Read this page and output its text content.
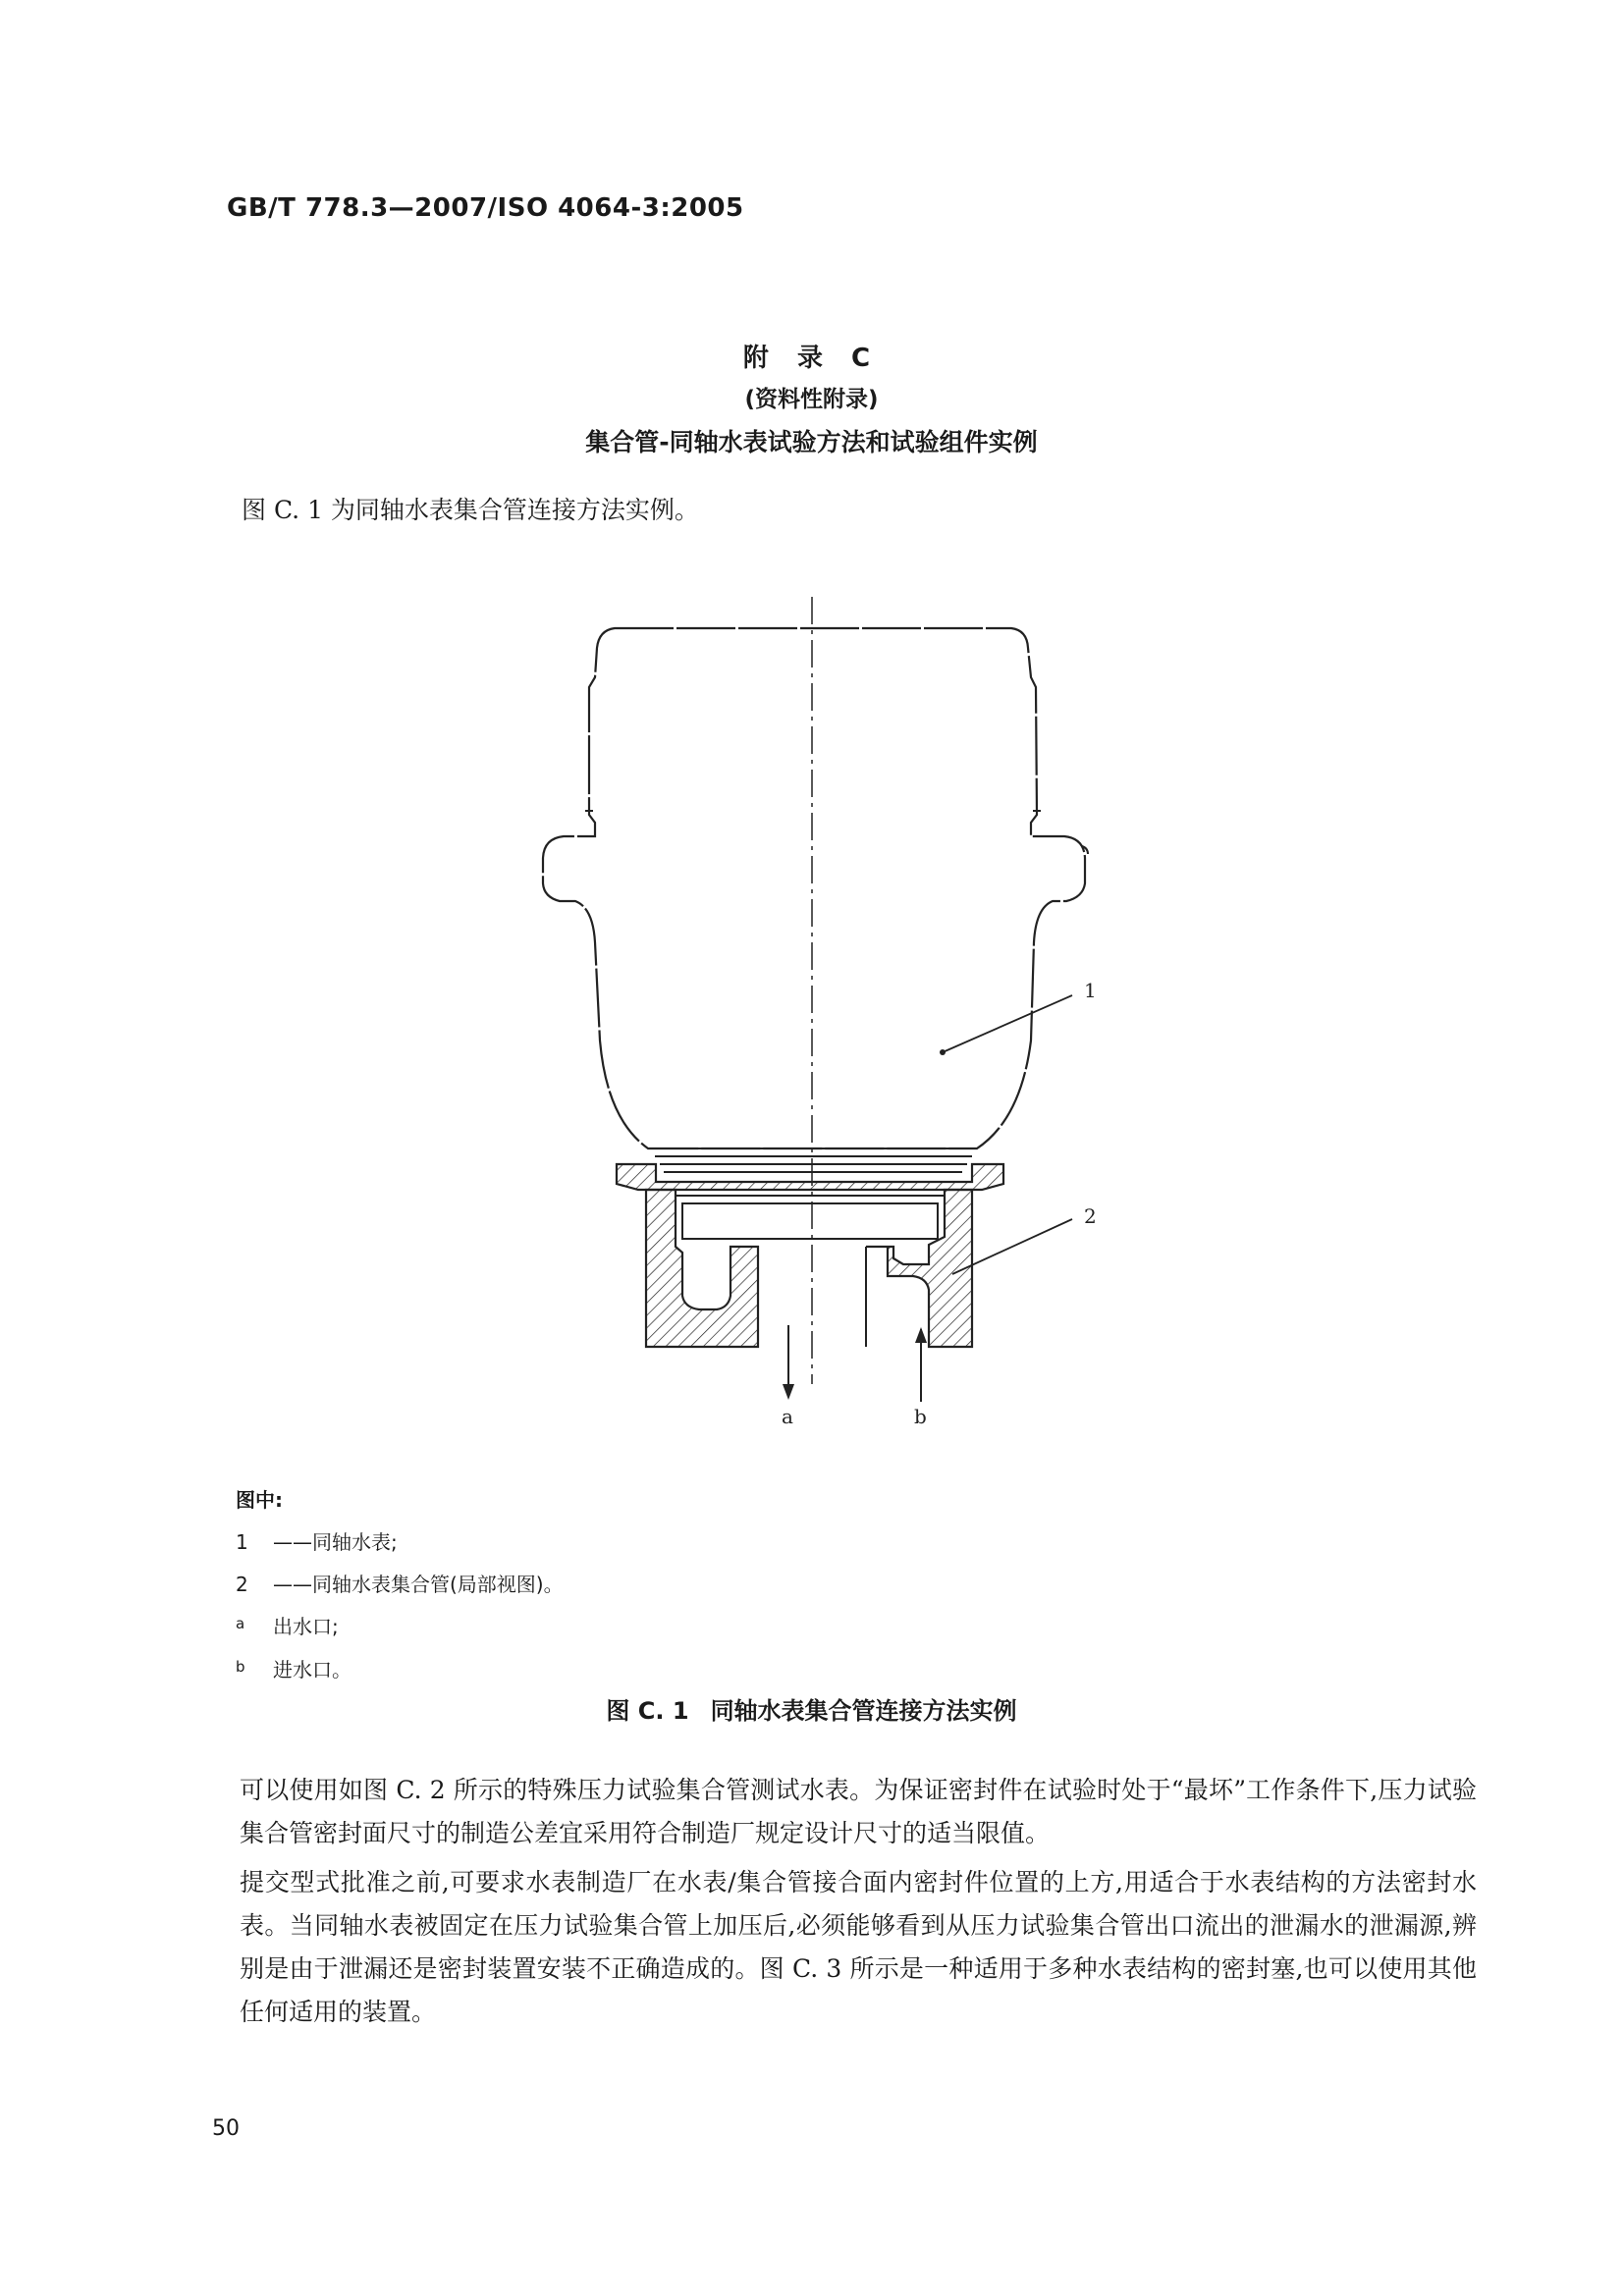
GB/T 778.3—2007/ISO 4064-3:2005
附 录 C
(资料性附录)
集合管-同轴水表试验方法和试验组件实例
图 C. 1 为同轴水表集合管连接方法实例。
1
2
a	b
图中:
1 ——同轴水表;
2 ——同轴水表集合管(局部视图)。
a 出水口;
b 进水口。
图 C. 1 同轴水表集合管连接方法实例
可以使用如图 C. 2 所示的特殊压力试验集合管测试水表。为保证密封件在试验时处于“最坏”工作条件下,压力试验集合管密封面尺寸的制造公差宜采用符合制造厂规定设计尺寸的适当限值。
提交型式批准之前,可要求水表制造厂在水表/集合管接合面内密封件位置的上方,用适合于水表结构的方法密封水表。当同轴水表被固定在压力试验集合管上加压后,必须能够看到从压力试验集合管出口流出的泄漏水的泄漏源,辨别是由于泄漏还是密封装置安装不正确造成的。图 C. 3 所示是一种适用于多种水表结构的密封塞,也可以使用其他任何适用的装置。
50
